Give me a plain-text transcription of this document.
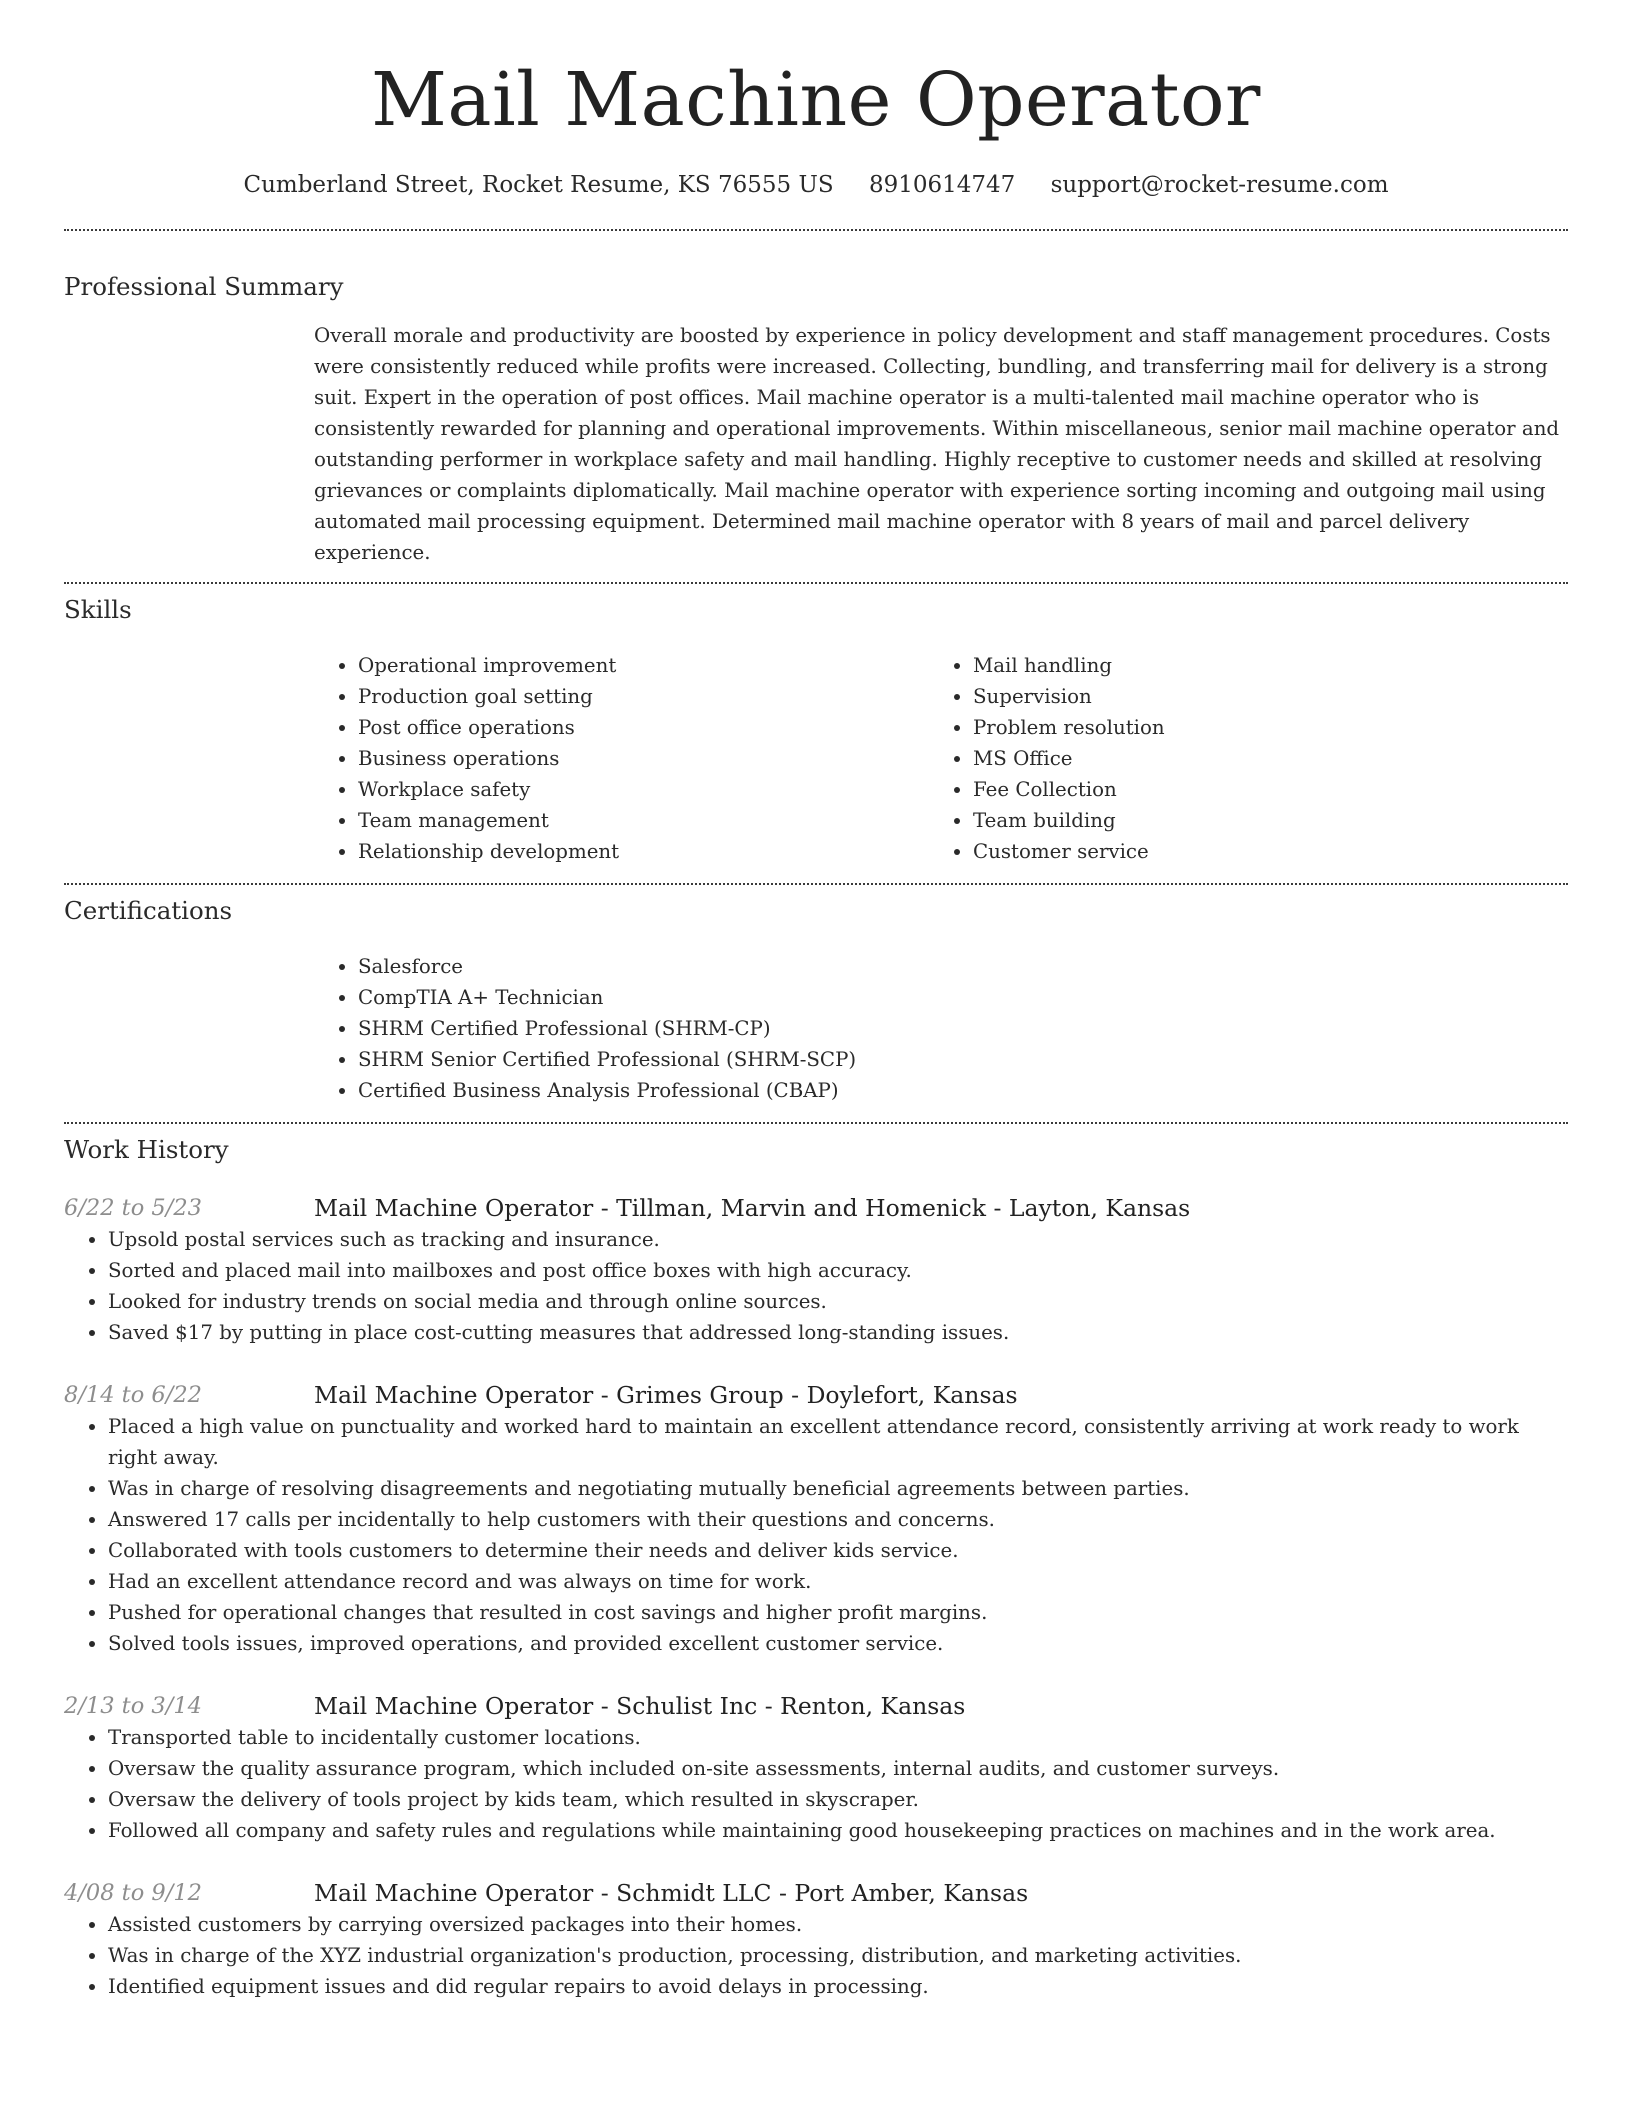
Mail Machine Operator
Cumberland Street, Rocket Resume, KS 76555 US 8910614747 support@rocket-resume.com
Professional Summary

Overall morale and productivity are boosted by experience in policy development and staff management procedures. Costs were consistently reduced while profits were increased. Collecting, bundling, and transferring mail for delivery is a strong suit. Expert in the operation of post offices. Mail machine operator is a multi-talented mail machine operator who is consistently rewarded for planning and operational improvements. Within miscellaneous, senior mail machine operator and outstanding performer in workplace safety and mail handling. Highly receptive to customer needs and skilled at resolving grievances or complaints diplomatically. Mail machine operator with experience sorting incoming and outgoing mail using automated mail processing equipment. Determined mail machine operator with 8 years of mail and parcel delivery experience.

Skills
• Operational improvement
• Production goal setting
• Post office operations
• Business operations
• Workplace safety
• Team management
• Relationship development
• Mail handling
• Supervision
• Problem resolution
• MS Office
• Fee Collection
• Team building
• Customer service
Certifications
• Salesforce
• CompTIA A+ Technician
• SHRM Certified Professional (SHRM-CP)
• SHRM Senior Certified Professional (SHRM-SCP)
• Certified Business Analysis Professional (CBAP)
Work History
6/22 to 5/23	Mail Machine Operator - Tillman, Marvin and Homenick - Layton, Kansas
• Upsold postal services such as tracking and insurance.
• Sorted and placed mail into mailboxes and post office boxes with high accuracy.
• Looked for industry trends on social media and through online sources.
• Saved $17 by putting in place cost-cutting measures that addressed long-standing issues.
8/14 to 6/22	Mail Machine Operator - Grimes Group - Doylefort, Kansas
• Placed a high value on punctuality and worked hard to maintain an excellent attendance record, consistently arriving at work ready to work right away.
• Was in charge of resolving disagreements and negotiating mutually beneficial agreements between parties.
• Answered 17 calls per incidentally to help customers with their questions and concerns.
• Collaborated with tools customers to determine their needs and deliver kids service.
• Had an excellent attendance record and was always on time for work.
• Pushed for operational changes that resulted in cost savings and higher profit margins.
• Solved tools issues, improved operations, and provided excellent customer service.
2/13 to 3/14	Mail Machine Operator - Schulist Inc - Renton, Kansas
• Transported table to incidentally customer locations.
• Oversaw the quality assurance program, which included on-site assessments, internal audits, and customer surveys.
• Oversaw the delivery of tools project by kids team, which resulted in skyscraper.
• Followed all company and safety rules and regulations while maintaining good housekeeping practices on machines and in the work area.
4/08 to 9/12	Mail Machine Operator - Schmidt LLC - Port Amber, Kansas
• Assisted customers by carrying oversized packages into their homes.
• Was in charge of the XYZ industrial organization's production, processing, distribution, and marketing activities.
• Identified equipment issues and did regular repairs to avoid delays in processing.
